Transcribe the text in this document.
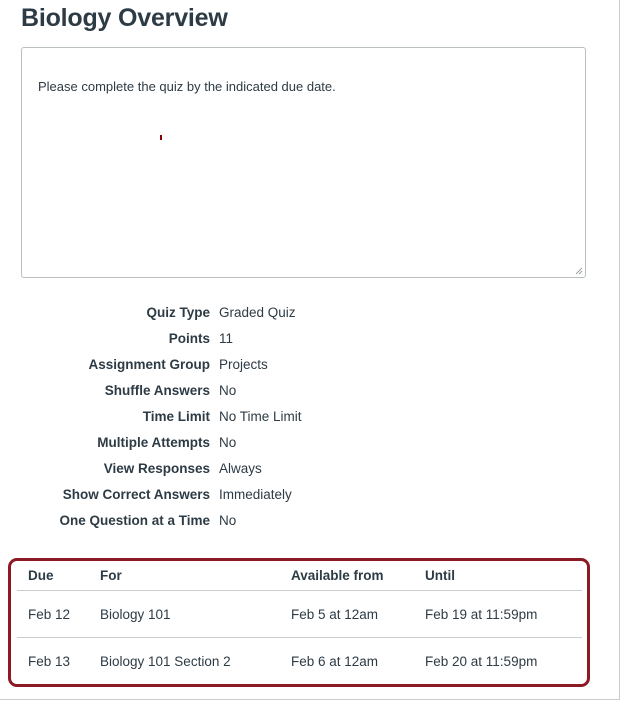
Biology Overview
Please complete the quiz by the indicated due date.
Quiz Type Graded Quiz
Points 11
Assignment Group Projects
Shuffle Answers No
Time Limit No Time Limit
Multiple Attempts No
View Responses Always
Show Correct Answers Immediately
One Question at a Time No
Due	For	Available from	Until
Feb 12	Biology 101	Feb 5 at 12am	Feb 19 at 11:59pm
Feb 13	Biology 101 Section 2	Feb 6 at 12am	Feb 20 at 11:59pm
